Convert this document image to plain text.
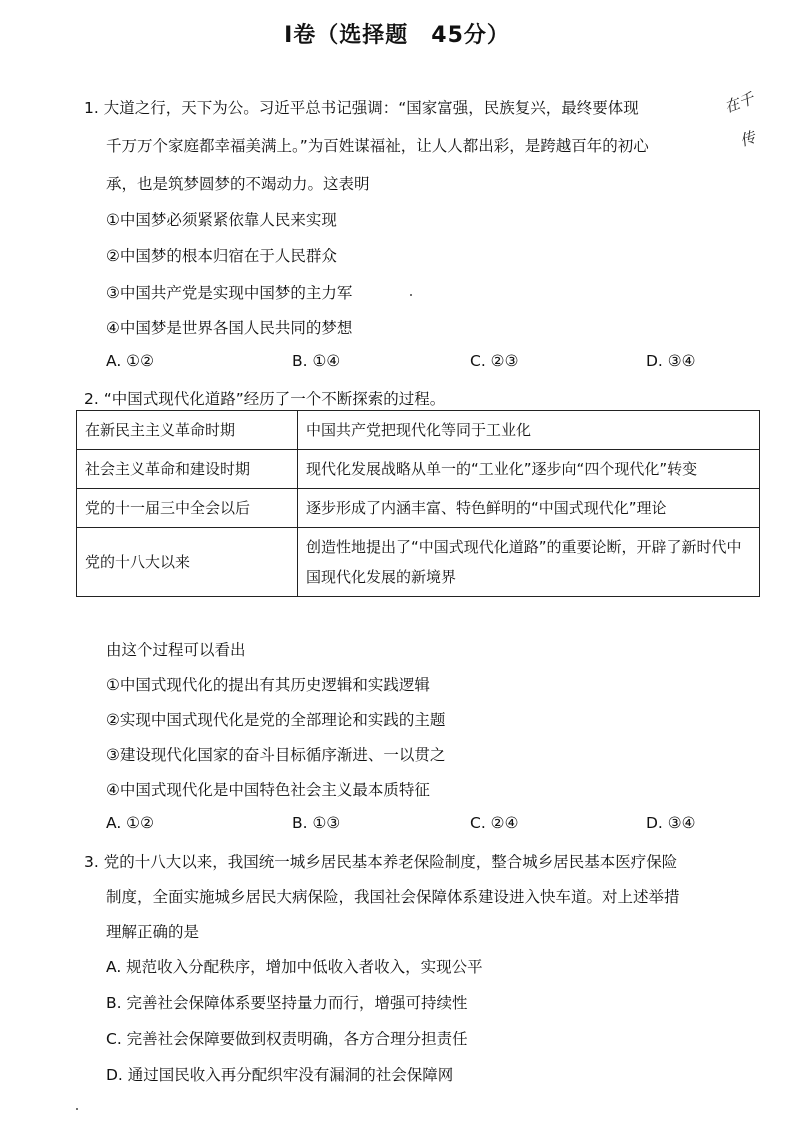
Ⅰ卷（选择题　45分）
1. 大道之行，天下为公。习近平总书记强调：“国家富强，民族复兴，最终要体现	在千
千万万个家庭都幸福美满上。”为百姓谋福祉，让人人都出彩，是跨越百年的初心	传
承，也是筑梦圆梦的不竭动力。这表明
①中国梦必须紧紧依靠人民来实现
②中国梦的根本归宿在于人民群众
③中国共产党是实现中国梦的主力军
④中国梦是世界各国人民共同的梦想
A. ①②	B. ①④	C. ②③	D. ③④
2. “中国式现代化道路”经历了一个不断探索的过程。
在新民主主义革命时期	中国共产党把现代化等同于工业化
社会主义革命和建设时期	现代化发展战略从单一的“工业化”逐步向“四个现代化”转变
党的十一届三中全会以后	逐步形成了内涵丰富、特色鲜明的“中国式现代化”理论
党的十八大以来	创造性地提出了“中国式现代化道路”的重要论断，开辟了新时代中国现代化发展的新境界
由这个过程可以看出
①中国式现代化的提出有其历史逻辑和实践逻辑
②实现中国式现代化是党的全部理论和实践的主题
③建设现代化国家的奋斗目标循序渐进、一以贯之
④中国式现代化是中国特色社会主义最本质特征
A. ①②	B. ①③	C. ②④	D. ③④
3. 党的十八大以来，我国统一城乡居民基本养老保险制度，整合城乡居民基本医疗保险
制度，全面实施城乡居民大病保险，我国社会保障体系建设进入快车道。对上述举措
理解正确的是
A. 规范收入分配秩序，增加中低收入者收入，实现公平
B. 完善社会保障体系要坚持量力而行，增强可持续性
C. 完善社会保障要做到权责明确，各方合理分担责任
D. 通过国民收入再分配织牢没有漏洞的社会保障网
